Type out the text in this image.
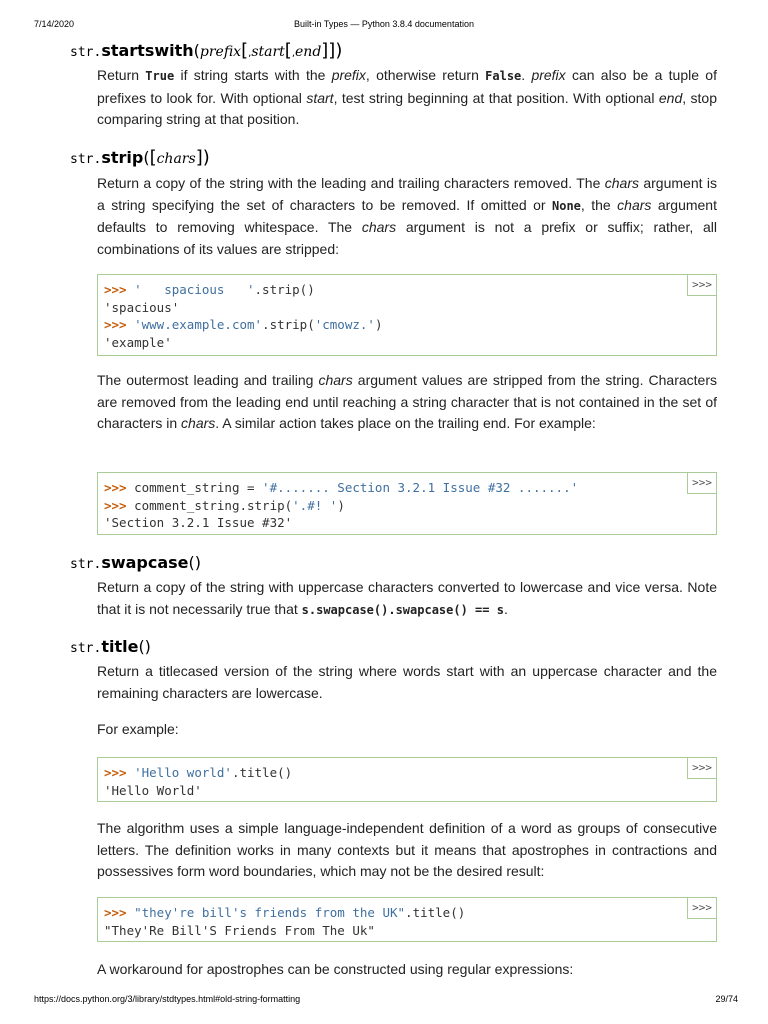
7/14/2020	Built-in Types — Python 3.8.4 documentation
str.startswith(prefix[,start[,end]])
Return True if string starts with the prefix, otherwise return False. prefix can also be a tuple of prefixes to look for. With optional start, test string beginning at that position. With optional end, stop comparing string at that position.
str.strip([chars])
Return a copy of the string with the leading and trailing characters removed. The chars argument is a string specifying the set of characters to be removed. If omitted or None, the chars argument defaults to removing whitespace. The chars argument is not a prefix or suffix; rather, all combinations of its values are stripped:
>>>
>>> '   spacious   '.strip()
'spacious'
>>> 'www.example.com'.strip('cmowz.')
'example'
The outermost leading and trailing chars argument values are stripped from the string. Characters are removed from the leading end until reaching a string character that is not contained in the set of characters in chars. A similar action takes place on the trailing end. For example:
>>>
>>> comment_string = '#....... Section 3.2.1 Issue #32 .......'
>>> comment_string.strip('.#! ')
'Section 3.2.1 Issue #32'
str.swapcase()
Return a copy of the string with uppercase characters converted to lowercase and vice versa. Note that it is not necessarily true that s.swapcase().swapcase() == s.
str.title()
Return a titlecased version of the string where words start with an uppercase character and the remaining characters are lowercase.
For example:
>>>
>>> 'Hello world'.title()
'Hello World'
The algorithm uses a simple language-independent definition of a word as groups of consecutive letters. The definition works in many contexts but it means that apostrophes in contractions and possessives form word boundaries, which may not be the desired result:
>>>
>>> "they're bill's friends from the UK".title()
"They'Re Bill'S Friends From The Uk"
A workaround for apostrophes can be constructed using regular expressions:
https://docs.python.org/3/library/stdtypes.html#old-string-formatting	29/74
